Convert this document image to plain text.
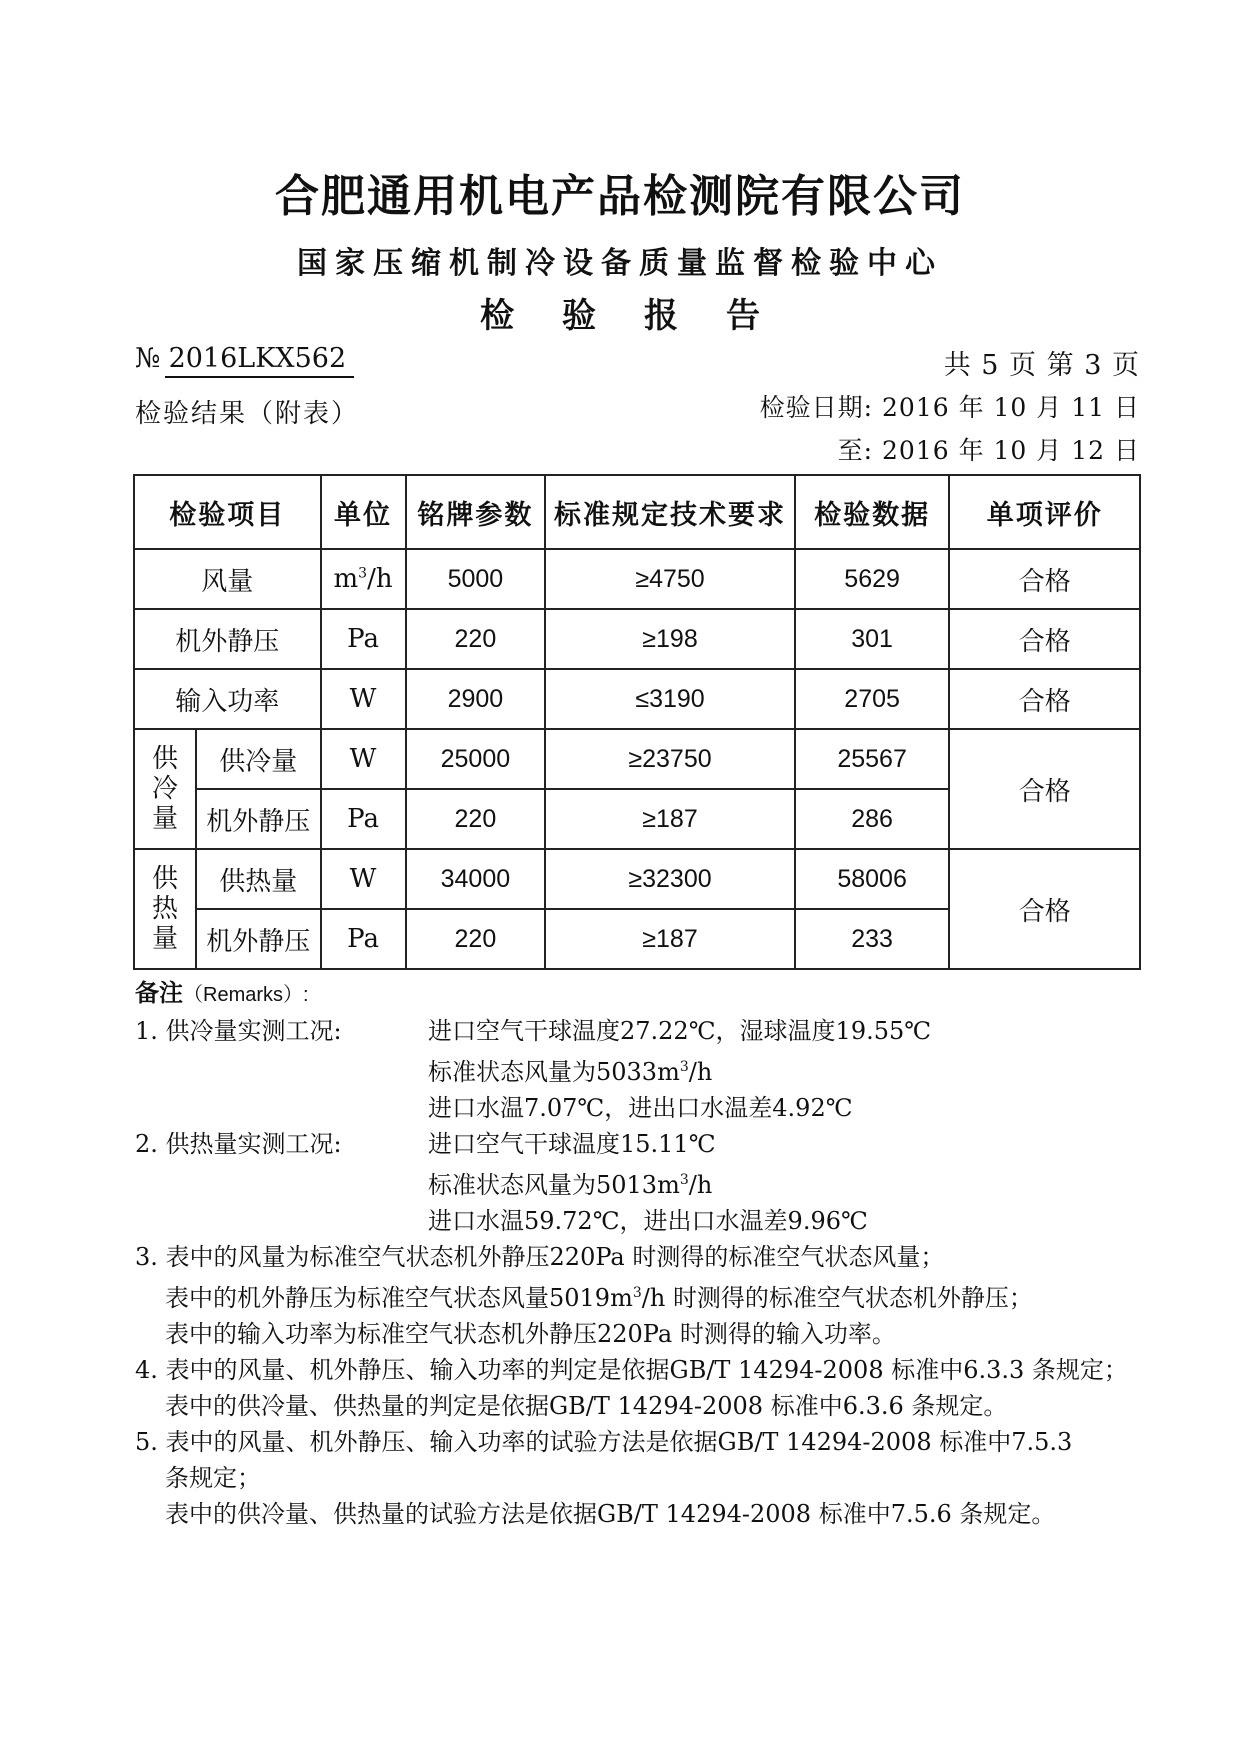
合肥通用机电产品检测院有限公司
国家压缩机制冷设备质量监督检验中心
检 验 报 告
№ 2016LKX562	共 5 页 第 3 页
检验结果（附表）	检验日期: 2016 年 10 月 11 日
至: 2016 年 10 月 12 日
检验项目		单位	铭牌参数	标准规定技术要求	检验数据	单项评价
风量		$m^3/h$	5000	≥4750	5629	合格
机外静压		Pa	220	≥198	301	合格
输入功率		W	2900	≤3190	2705	合格
供
冷
量	供冷量	W	25000	≥23750	25567	合格
	机外静压	Pa	220	≥187	286	
供
热
量	供热量	W	34000	≥32300	58006	合格
	机外静压	Pa	220	≥187	233	
备注（Remarks）:
1. 供冷量实测工况:	进口空气干球温度27.22℃，湿球温度19.55℃
标准状态风量为$5033m^3/h$
进口水温7.07℃，进出口水温差4.92℃
2. 供热量实测工况:	进口空气干球温度15.11℃
标准状态风量为$5013m^3/h$
进口水温59.72℃，进出口水温差9.96℃
3. 表中的风量为标准空气状态机外静压220Pa 时测得的标准空气状态风量；
表中的机外静压为标准空气状态风量$5019m^3/h$ 时测得的标准空气状态机外静压；
表中的输入功率为标准空气状态机外静压220Pa 时测得的输入功率。
4. 表中的风量、机外静压、输入功率的判定是依据GB/T 14294-2008 标准中6.3.3 条规定；
表中的供冷量、供热量的判定是依据GB/T 14294-2008 标准中6.3.6 条规定。
5. 表中的风量、机外静压、输入功率的试验方法是依据GB/T 14294-2008 标准中7.5.3
条规定；
表中的供冷量、供热量的试验方法是依据GB/T 14294-2008 标准中7.5.6 条规定。
